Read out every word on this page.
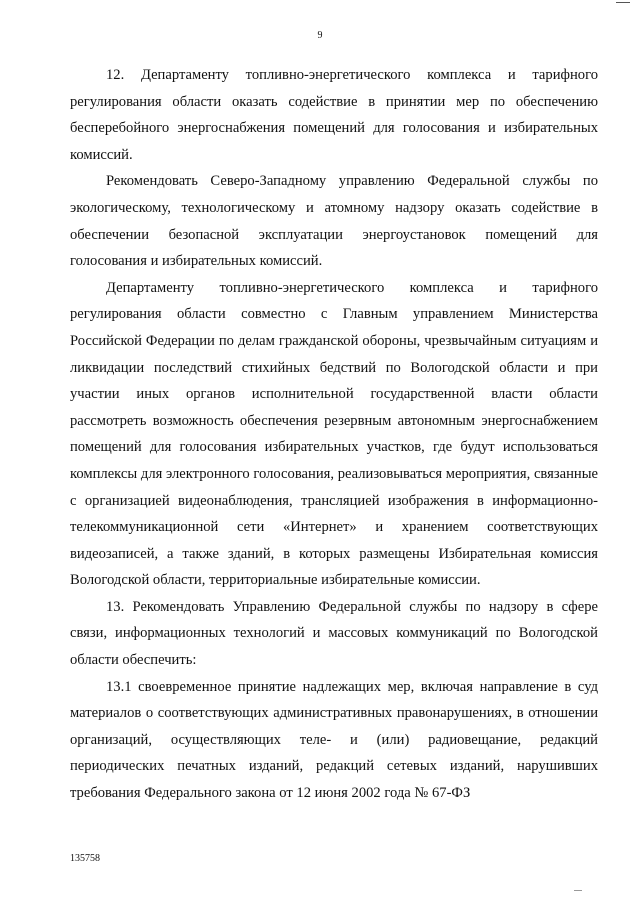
9

12. Департаменту топливно-энергетического комплекса и тарифного регулирования области оказать содействие в принятии мер по обеспечению бесперебойного энергоснабжения помещений для голосования и избирательных комиссий.

Рекомендовать Северо-Западному управлению Федеральной службы по экологическому, технологическому и атомному надзору оказать содействие в обеспечении безопасной эксплуатации энергоустановок помещений для голосования и избирательных комиссий.

Департаменту топливно-энергетического комплекса и тарифного регулирования области совместно с Главным управлением Министерства Российской Федерации по делам гражданской обороны, чрезвычайным ситуациям и ликвидации последствий стихийных бедствий по Вологодской области и при участии иных органов исполнительной государственной власти области рассмотреть возможность обеспечения резервным автономным энергоснабжением помещений для голосования избирательных участков, где будут использоваться комплексы для электронного голосования, реализовываться мероприятия, связанные с организацией видеонаблюдения, трансляцией изображения в информационно-телекоммуникационной сети «Интернет» и хранением соответствующих видеозаписей, а также зданий, в которых размещены Избирательная комиссия Вологодской области, территориальные избирательные комиссии.

13. Рекомендовать Управлению Федеральной службы по надзору в сфере связи, информационных технологий и массовых коммуникаций по Вологодской области обеспечить:

13.1 своевременное принятие надлежащих мер, включая направление в суд материалов о соответствующих административных правонарушениях, в отношении организаций, осуществляющих теле- и (или) радиовещание, редакций периодических печатных изданий, редакций сетевых изданий, нарушивших требования Федерального закона от 12 июня 2002 года № 67-ФЗ

135758
